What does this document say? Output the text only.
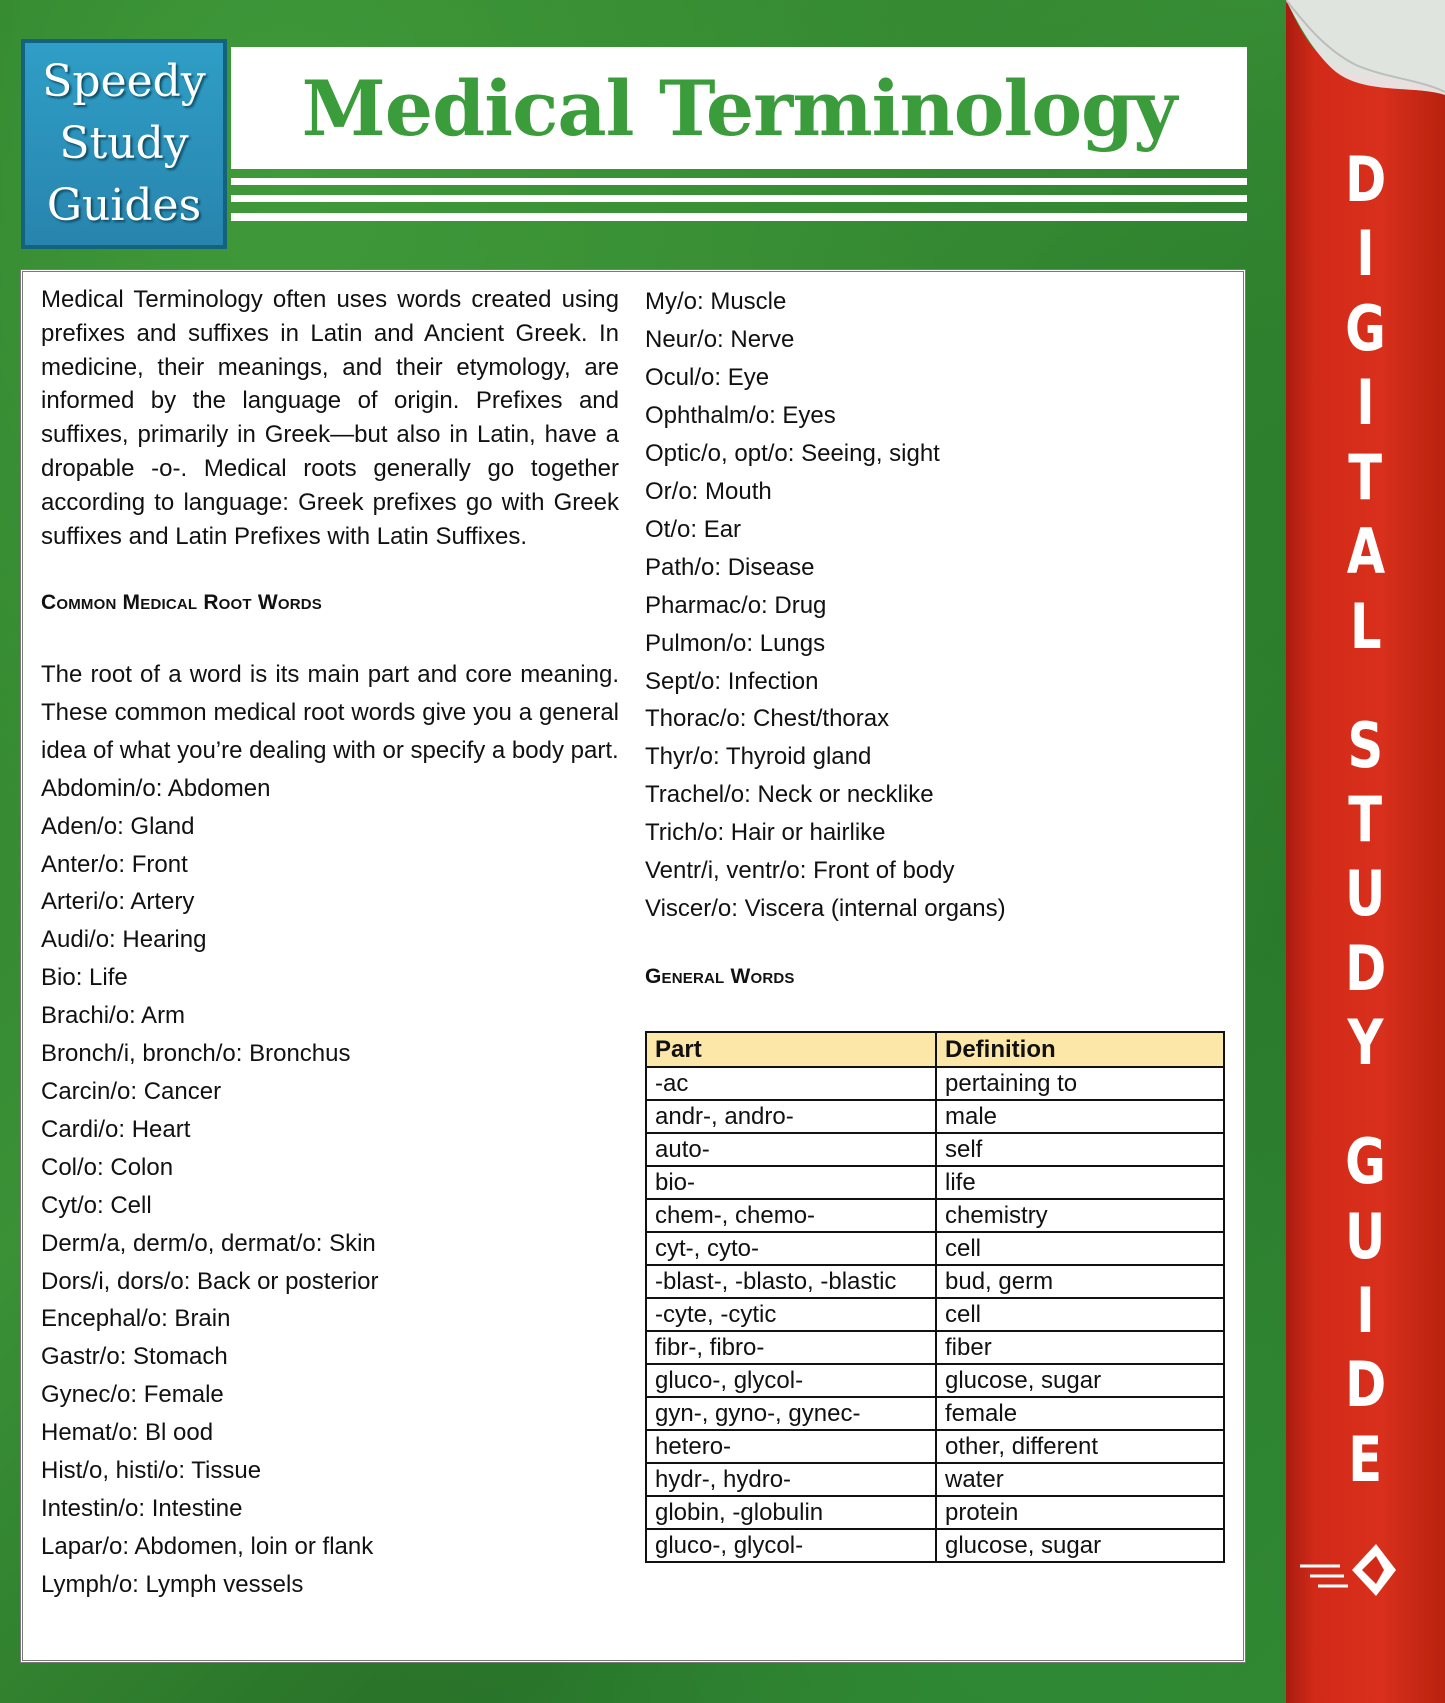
Speedy
Study
Guides
Medical Terminology

Medical Terminology often uses words created using prefixes and suffixes in Latin and Ancient Greek. In medicine, their meanings, and their etymology, are informed by the language of origin. Prefixes and suffixes, primarily in Greek—but also in Latin, have a dropable -o-. Medical roots generally go together according to language: Greek prefixes go with Greek suffixes and Latin Prefixes with Latin Suffixes.

Common Medical Root Words

The root of a word is its main part and core meaning. These common medical root words give you a general idea of what you’re dealing with or specify a body part.

Abdomin/o: Abdomen
Aden/o: Gland
Anter/o: Front
Arteri/o: Artery
Audi/o: Hearing
Bio: Life
Brachi/o: Arm
Bronch/i, bronch/o: Bronchus
Carcin/o: Cancer
Cardi/o: Heart
Col/o: Colon
Cyt/o: Cell
Derm/a, derm/o, dermat/o: Skin
Dors/i, dors/o: Back or posterior
Encephal/o: Brain
Gastr/o: Stomach
Gynec/o: Female
Hemat/o: Bl ood
Hist/o, histi/o: Tissue
Intestin/o: Intestine
Lapar/o: Abdomen, loin or flank
Lymph/o: Lymph vessels
My/o: Muscle
Neur/o: Nerve
Ocul/o: Eye
Ophthalm/o: Eyes
Optic/o, opt/o: Seeing, sight
Or/o: Mouth
Ot/o: Ear
Path/o: Disease
Pharmac/o: Drug
Pulmon/o: Lungs
Sept/o: Infection
Thorac/o: Chest/thorax
Thyr/o: Thyroid gland
Trachel/o: Neck or necklike
Trich/o: Hair or hairlike
Ventr/i, ventr/o: Front of body
Viscer/o: Viscera (internal organs)
General Words
Part	Definition
-ac	pertaining to
andr-, andro-	male
auto-	self
bio-	life
chem-, chemo-	chemistry
cyt-, cyto-	cell
-blast-, -blasto, -blastic	bud, germ
-cyte, -cytic	cell
fibr-, fibro-	fiber
gluco-, glycol-	glucose, sugar
gyn-, gyno-, gynec-	female
hetero-	other, different
hydr-, hydro-	water
globin, -globulin	protein
gluco-, glycol-	glucose, sugar
D
I
G
I
T
A
L
S
T
U
D
Y
G
U
I
D
E
